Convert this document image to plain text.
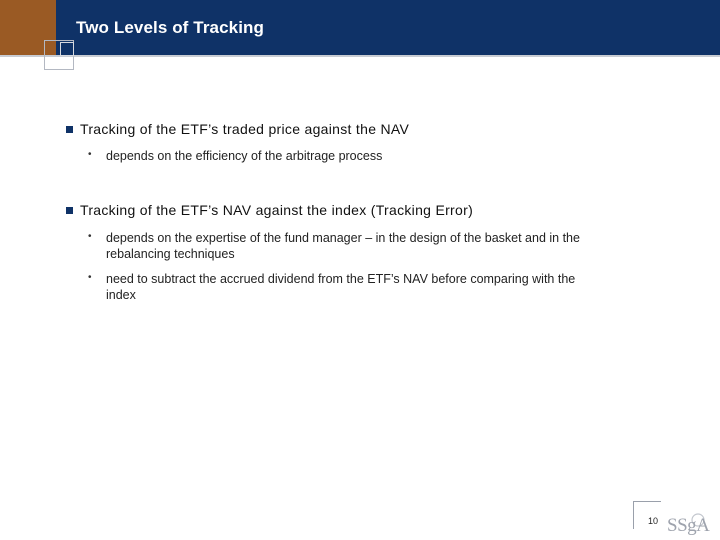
Two Levels of Tracking
Tracking of the ETF’s traded price against the NAV
•	depends on the efficiency of the arbitrage process
Tracking of the ETF’s NAV against the index (Tracking Error)
•	depends on the expertise of the fund manager – in the design of the basket and in the rebalancing techniques
•	need to subtract the accrued dividend from the ETF’s NAV before comparing with the index
10 SSgA
